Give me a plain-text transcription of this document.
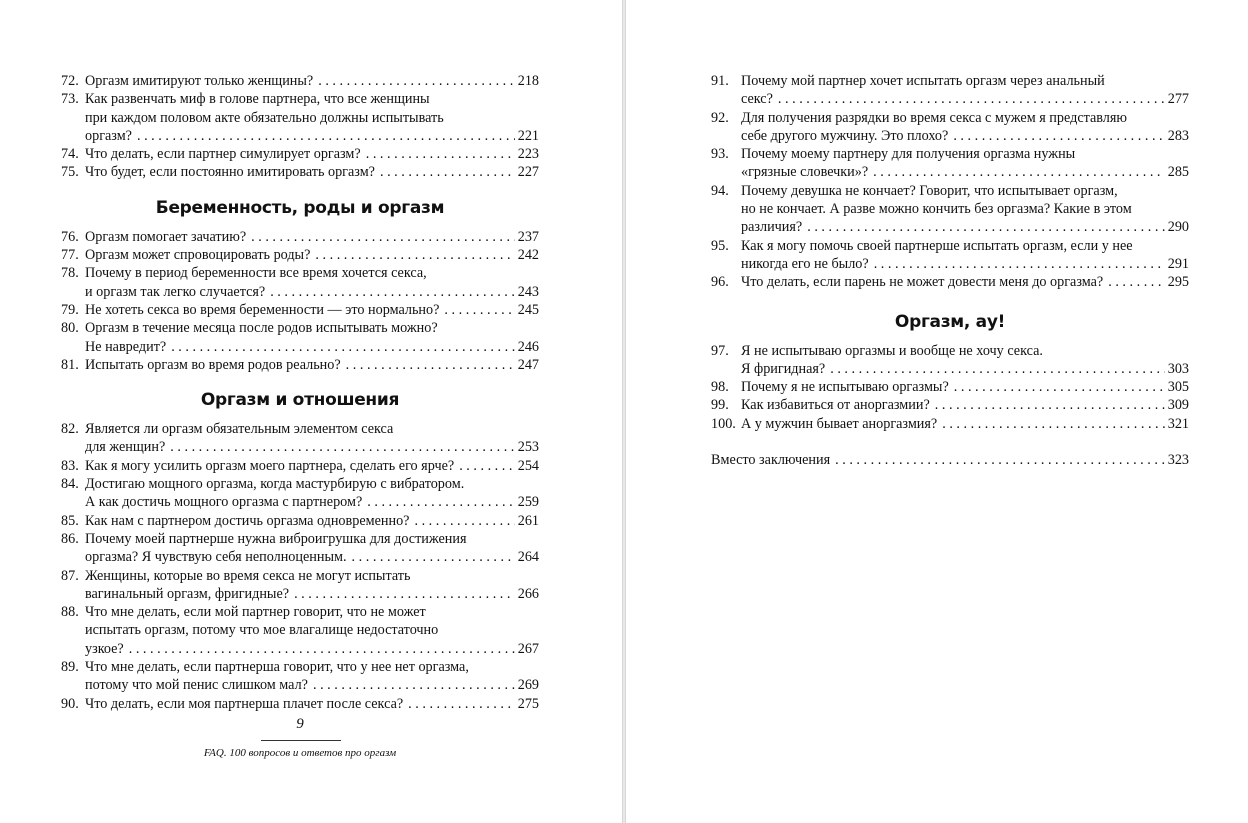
72. Оргазм имитируют только женщины? . . .	218
73. Как развенчать миф в голове партнера, что все женщины
при каждом половом акте обязательно должны испытывать
оргазм? . . .	221
74. Что делать, если партнер симулирует оргазм? . . .	223
75. Что будет, если постоянно имитировать оргазм? . . .	227
Беременность, роды и оргазм
76. Оргазм помогает зачатию? . . .	237
77. Оргазм может спровоцировать роды? . . .	242
78. Почему в период беременности все время хочется секса,
и оргазм так легко случается? . . .	243
79. Не хотеть секса во время беременности — это нормально? . . .	245
80. Оргазм в течение месяца после родов испытывать можно?
Не навредит? . . .	246
81. Испытать оргазм во время родов реально? . . .	247
Оргазм и отношения
82. Является ли оргазм обязательным элементом секса
для женщин? . . .	253
83. Как я могу усилить оргазм моего партнера, сделать его ярче? . . .	254
84. Достигаю мощного оргазма, когда мастурбирую с вибратором.
А как достичь мощного оргазма с партнером? . . .	259
85. Как нам с партнером достичь оргазма одновременно? . . .	261
86. Почему моей партнерше нужна виброигрушка для достижения
оргазма? Я чувствую себя неполноценным. . . .	264
87. Женщины, которые во время секса не могут испытать
вагинальный оргазм, фригидные? . . .	266
88. Что мне делать, если мой партнер говорит, что не может
испытать оргазм, потому что мое влагалище недостаточно
узкое? . . .	267
89. Что мне делать, если партнерша говорит, что у нее нет оргазма,
потому что мой пенис слишком мал? . . .	269
90. Что делать, если моя партнерша плачет после секса? . . .	275
9
FAQ. 100 вопросов и ответов про оргазм
91. Почему мой партнер хочет испытать оргазм через анальный
секс? . . .	277
92. Для получения разрядки во время секса с мужем я представляю
себе другого мужчину. Это плохо? . . .	283
93. Почему моему партнеру для получения оргазма нужны
«грязные словечки»? . . .	285
94. Почему девушка не кончает? Говорит, что испытывает оргазм,
но не кончает. А разве можно кончить без оргазма? Какие в этом
различия? . . .	290
95. Как я могу помочь своей партнерше испытать оргазм, если у нее
никогда его не было? . . .	291
96. Что делать, если парень не может довести меня до оргазма? . . .	295
Оргазм, ау!
97. Я не испытываю оргазмы и вообще не хочу секса.
Я фригидная? . . .	303
98. Почему я не испытываю оргазмы? . . .	305
99. Как избавиться от аноргазмии? . . .	309
100. А у мужчин бывает аноргазмия? . . .	321
Вместо заключения . . .	323
